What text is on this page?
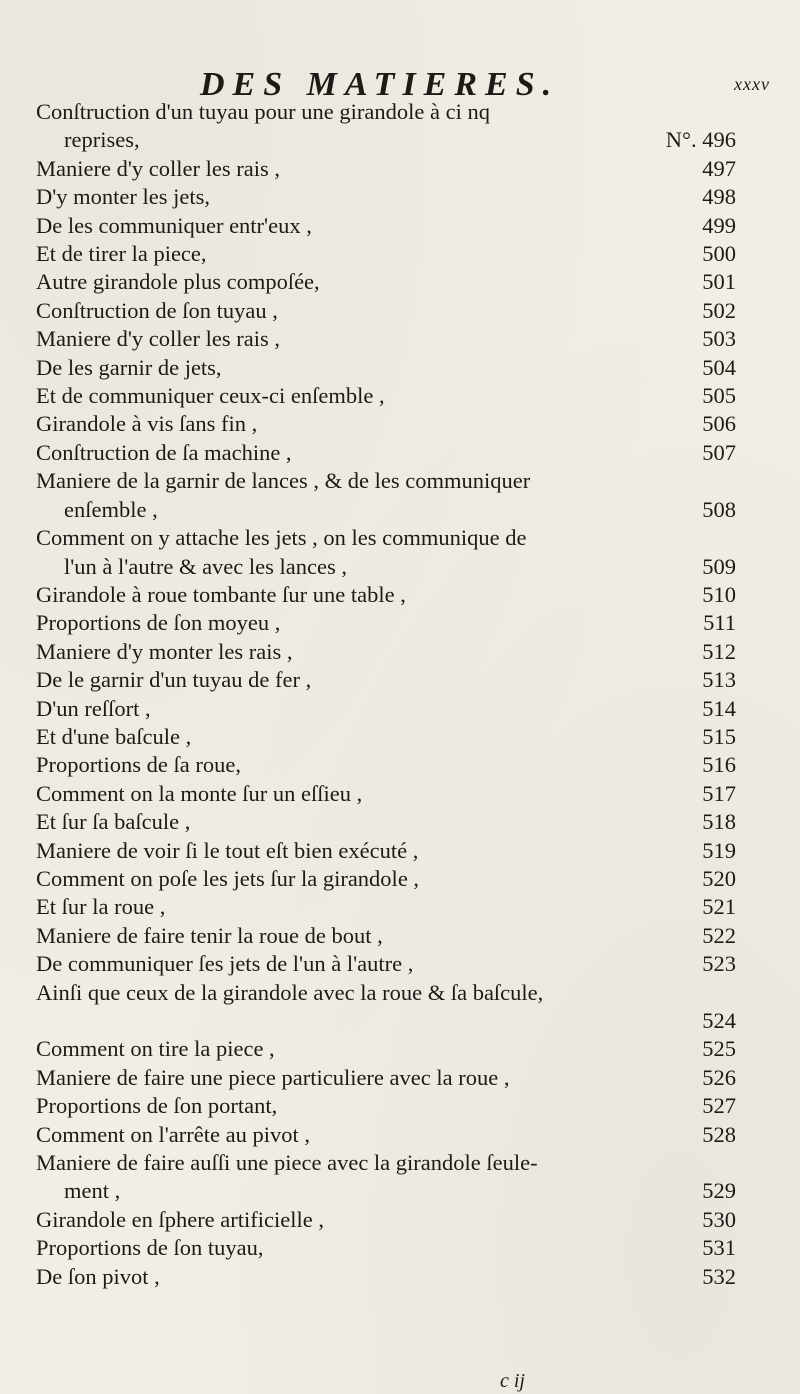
DES MATIERES.	xxxv
Conſtruction d'un tuyau pour une girandole à ci nq
reprises,	N°. 496
Maniere d'y coller les rais ,	497
D'y monter les jets,	498
De les communiquer entr'eux ,	499
Et de tirer la piece,	500
Autre girandole plus compoſée,	501
Conſtruction de ſon tuyau ,	502
Maniere d'y coller les rais ,	503
De les garnir de jets,	504
Et de communiquer ceux-ci enſemble ,	505
Girandole à vis ſans fin ,	506
Conſtruction de ſa machine ,	507
Maniere de la garnir de lances , & de les communiquer
enſemble ,	508
Comment on y attache les jets , on les communique de
l'un à l'autre & avec les lances ,	509
Girandole à roue tombante ſur une table ,	510
Proportions de ſon moyeu ,	511
Maniere d'y monter les rais ,	512
De le garnir d'un tuyau de fer ,	513
D'un reſſort ,	514
Et d'une baſcule ,	515
Proportions de ſa roue,	516
Comment on la monte ſur un eſſieu ,	517
Et ſur ſa baſcule ,	518
Maniere de voir ſi le tout eſt bien exécuté ,	519
Comment on poſe les jets ſur la girandole ,	520
Et ſur la roue ,	521
Maniere de faire tenir la roue de bout ,	522
De communiquer ſes jets de l'un à l'autre ,	523
Ainſi que ceux de la girandole avec la roue & ſa baſcule,

524
Comment on tire la piece ,	525
Maniere de faire une piece particuliere avec la roue ,	526
Proportions de ſon portant,	527
Comment on l'arrête au pivot ,	528
Maniere de faire auſſi une piece avec la girandole ſeule-
ment ,	529
Girandole en ſphere artificielle ,	530
Proportions de ſon tuyau,	531
De ſon pivot ,	532
c ij
